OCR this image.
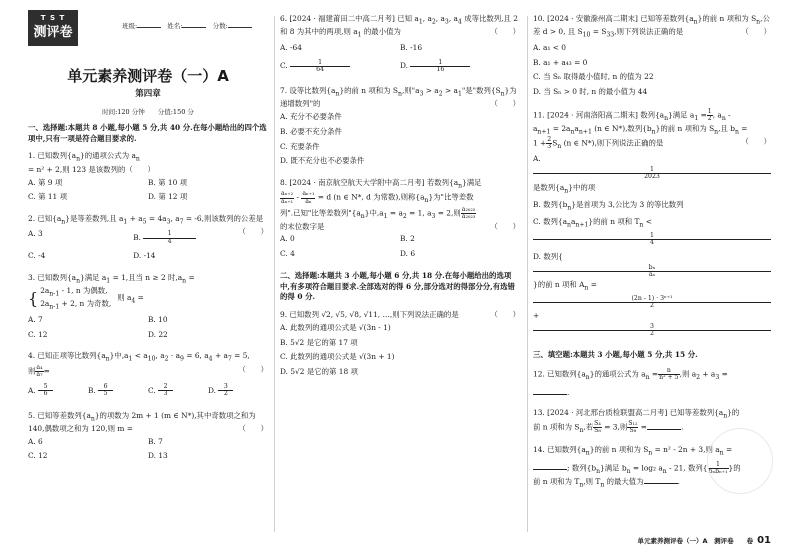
T S T
测评卷	班级:	姓名:	分数:
单元素养测评卷（一）A
第四章
时间:120 分钟　　分值:150 分

一、选择题:本题共 8 小题,每小题 5 分,共 40 分.在每小题给出的四个选项中,只有一项是符合题目要求的.

1. 已知数列$\{a_n\}$的通项公式为 $a_n = n^2 + 2$,则 123 是该数列的（　　）

A. 第 9 项	B. 第 10 项
C. 第 11 项	D. 第 12 项

2. 已知$\{a_n\}$是等差数列,且 $a_1 + a_5 = 4a_3$, $a_7 = -6$,则该数列的公差是
（　　）

A. 3	B. $\frac{1}{4}$
C. -4	D. -14

3. 已知数列$\{a_n\}$满足 $a_1 = 1$,且当 n ≥ 2 时$,a_n$ =

{ $2a_{n-1} - 1$, n 为偶数,
$2a_{n-1} + 2$, n 为奇数,
则 $a_4$ =

A. 7	B. 10
C. 12	D. 22

4. 已知正项等比数列$\{a_n\}$中$,a_1 < a_{10}$, $a_2 \cdot a_9 = 6$, $a_4 + a_7 = 5$,

则 $\frac{\text{a₄}}{\text{a₇}}$ =	（　　）

A. $\frac{5}{6}$	B. $\frac{6}{5}$	C. $\frac{2}{3}$	D. $\frac{3}{2}$

5. 已知等差数列$\{a_n\}$的项数为 2m + 1 (m ∈ N*),其中奇数项之和为 140,偶数项之和为 120,则 m =	（　　）

A. 6	B. 7
C. 12	D. 13

6. [2024 · 福建莆田二中高二月考] 已知 $a_1$, $a_2$, $a_3$, $a_4$ 成等比数列,且 2 和 8 为其中的两项,则 $a_1$ 的最小值为	（　　）

A. -64	B. -16
C. $\frac{1}{64}$	D. $\frac{1}{16}$

7. 设等比数列$\{a_n\}$的前 n 项和为 $S_n$,则"$a_3 > a_2 > a_1$"是"数列$\{S_n\}$为递增数列"的	（　　）

A. 充分不必要条件
B. 必要不充分条件
C. 充要条件
D. 既不充分也不必要条件

8. [2024 · 南京航空航天大学附中高二月考] 若数列$\{a_n\}$满足

$\frac{\text{aₙ₊₂}}{\text{aₙ₊₁}} - \frac{\text{aₙ₊₁}}{\text{aₙ}} = d$ (n ∈ N*, d 为常数),则称$\{a_n\}$为"比等差数

列".已知"比等差数列"$\{a_n\}$中$,a_1 = a_2 = 1$, $a_3 = 2$,则 $\frac{\text{a₂₀₂₅}}{\text{a₂₀₂₃}}$

的末位数字是	（　　）

A. 0	B. 2
C. 4	D. 6

二、选择题:本题共 3 小题,每小题 6 分,共 18 分.在每小题给出的选项中,有多项符合题目要求.全部选对的得 6 分,部分选对的得部分分,有选错的得 0 分.

9. 已知数列 √2, √5, √8, √11, …,则下列说法正确的是	（　　）

A. 此数列的通项公式是 √(3n - 1)
B. 5√2 是它的第 17 项
C. 此数列的通项公式是 √(3n + 1)
D. 5√2 是它的第 18 项

10. [2024 · 安徽滁州高二期末] 已知等差数列$\{a_n\}$的前 n 项和为 $S_n$,公差 d > 0, 且 $S_{10} = S_{33}$,则下列说法正确的是	（　　）

A. a₁ < 0
B. a₁ + a₄₃ = 0
C. 当 Sₙ 取得最小值时, n 的值为 22
D. 当 Sₙ > 0 时, n 的最小值为 44

11. [2024 · 河南洛阳高二期末] 数列$\{a_n\}$满足 $a_1 = \frac{1}{2}$ , $a_n$ -

$a_{n+1} = 2a_na_{n+1}$ (n ∈ N*),数列$\{b_n\}$的前 n 项和为 $S_n$,且 $b_n$ =

$1 + \frac{2}{3} S_n$ (n ∈ N*),则下列说法正确的是	（　　）

A.
$\frac{1}{2023}$
是数列$\{a_n\}$中的项
B. 数列$\{b_n\}$是首项为 3,公比为 3 的等比数列
C. 数列$\{a_na_{n+1}\}$的前 n 项和 $T_n$ <
$\frac{1}{4}$
D. 数列{
$\frac{\text{bₙ}}{\text{aₙ}}$
}的前 n 项和 $A_n$ =
$\frac{\text{(2n - 1) · 3ⁿ⁺¹}}{2}$
+
$\frac{3}{2}$

三、填空题:本题共 3 小题,每小题 5 分,共 15 分.

12. 已知数列$\{a_n\}$的通项公式为 $a_n = \frac{n}{\text{n² + 5}}$ ,则 $a_2 + a_3$ =

.

13. [2024 · 河北邢台质检联盟高二月考] 已知等差数列$\{a_n\}$的

前 n 项和为 $S_n$,若 $\frac{\text{S₄}}{\text{S₈}} = 3$,则 $\frac{\text{S₁₂}}{\text{S₈}}$ =	.

14. 已知数列$\{a_n\}$的前 n 项和为 $S_n = n^2 - 2n + 3$,则 $a_n$ =

; 数列$\{b_n\}$满足 $b_n = \log_2$ $a_n - 21$, 数列{ $\frac{1}{\text{bₙbₙ₊₁}}$ }的

前 n 项和为 $T_n$,则 $T_n$ 的最大值为	.

单元素养测评卷（一）A　测评卷　　卷 01
